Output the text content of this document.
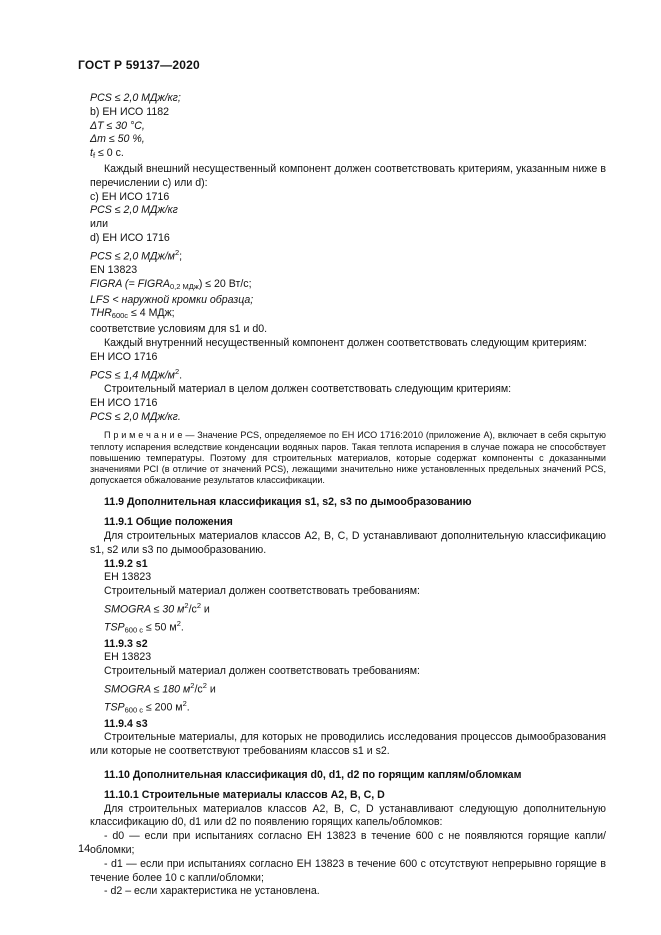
ГОСТ Р 59137—2020
PCS ≤ 2,0 МДж/кг;
b) ЕН ИСО 1182
ΔT ≤ 30 °С,
Δm ≤ 50 %,
$t_f \le 0$ с.
Каждый внешний несущественный компонент должен соответствовать критериям, указанным ниже в перечислении с) или d):
c) ЕН ИСО 1716
PCS ≤ 2,0 МДж/кг
или
d) ЕН ИСО 1716
PCS ≤ 2,0 МДж/$м^2$;
EN 13823
FIGRA (= $FIGRA_{0,2 МДж}) \le 20$ Вт/с;
LFS < наружной кромки образца;
$THR_{600с} \le 4$ МДж;
соответствие условиям для s1 и d0.
Каждый внутренний несущественный компонент должен соответствовать следующим критериям:
ЕН ИСО 1716
PCS ≤ 1,4 МДж/$м^2$.
Строительный материал в целом должен соответствовать следующим критериям:
ЕН ИСО 1716
PCS ≤ 2,0 МДж/кг.
П р и м е ч а н и е — Значение PCS, определяемое по ЕН ИСО 1716:2010 (приложение А), включает в себя скрытую теплоту испарения вследствие конденсации водяных паров. Такая теплота испарения в случае пожара не способствует повышению температуры. Поэтому для строительных материалов, которые содержат компоненты с доказанными значениями PCI (в отличие от значений PCS), лежащими значительно ниже установленных предельных значений PCS, допускается обжалование результатов классификации.
11.9 Дополнительная классификация s1, s2, s3 по дымообразованию
11.9.1 Общие положения
Для строительных материалов классов А2, В, С, D устанавливают дополнительную классификацию s1, s2 или s3 по дымообразованию.
11.9.2 s1
ЕН 13823
Строительный материал должен соответствовать требованиям:
SMOGRA ≤ 30 $м^2/с^2$ и
$TSP_{600 с} \le 50$ $м^2$.
11.9.3 s2
ЕН 13823
Строительный материал должен соответствовать требованиям:
SMOGRA ≤ 180 $м^2/с^2$ и
$TSP_{600 с} \le 200$ $м^2$.
11.9.4 s3
Строительные материалы, для которых не проводились исследования процессов дымообразования или которые не соответствуют требованиям классов s1 и s2.
11.10 Дополнительная классификация d0, d1, d2 по горящим каплям/обломкам
11.10.1 Строительные материалы классов А2, В, С, D
Для строительных материалов классов А2, В, С, D устанавливают следующую дополнительную классификацию d0, d1 или d2 по появлению горящих капель/обломков:
- d0 — если при испытаниях согласно ЕН 13823 в течение 600 с не появляются горящие капли/обломки;
- d1 — если при испытаниях согласно ЕН 13823 в течение 600 с отсутствуют непрерывно горящие в течение более 10 с капли/обломки;
- d2 – если характеристика не установлена.
14
